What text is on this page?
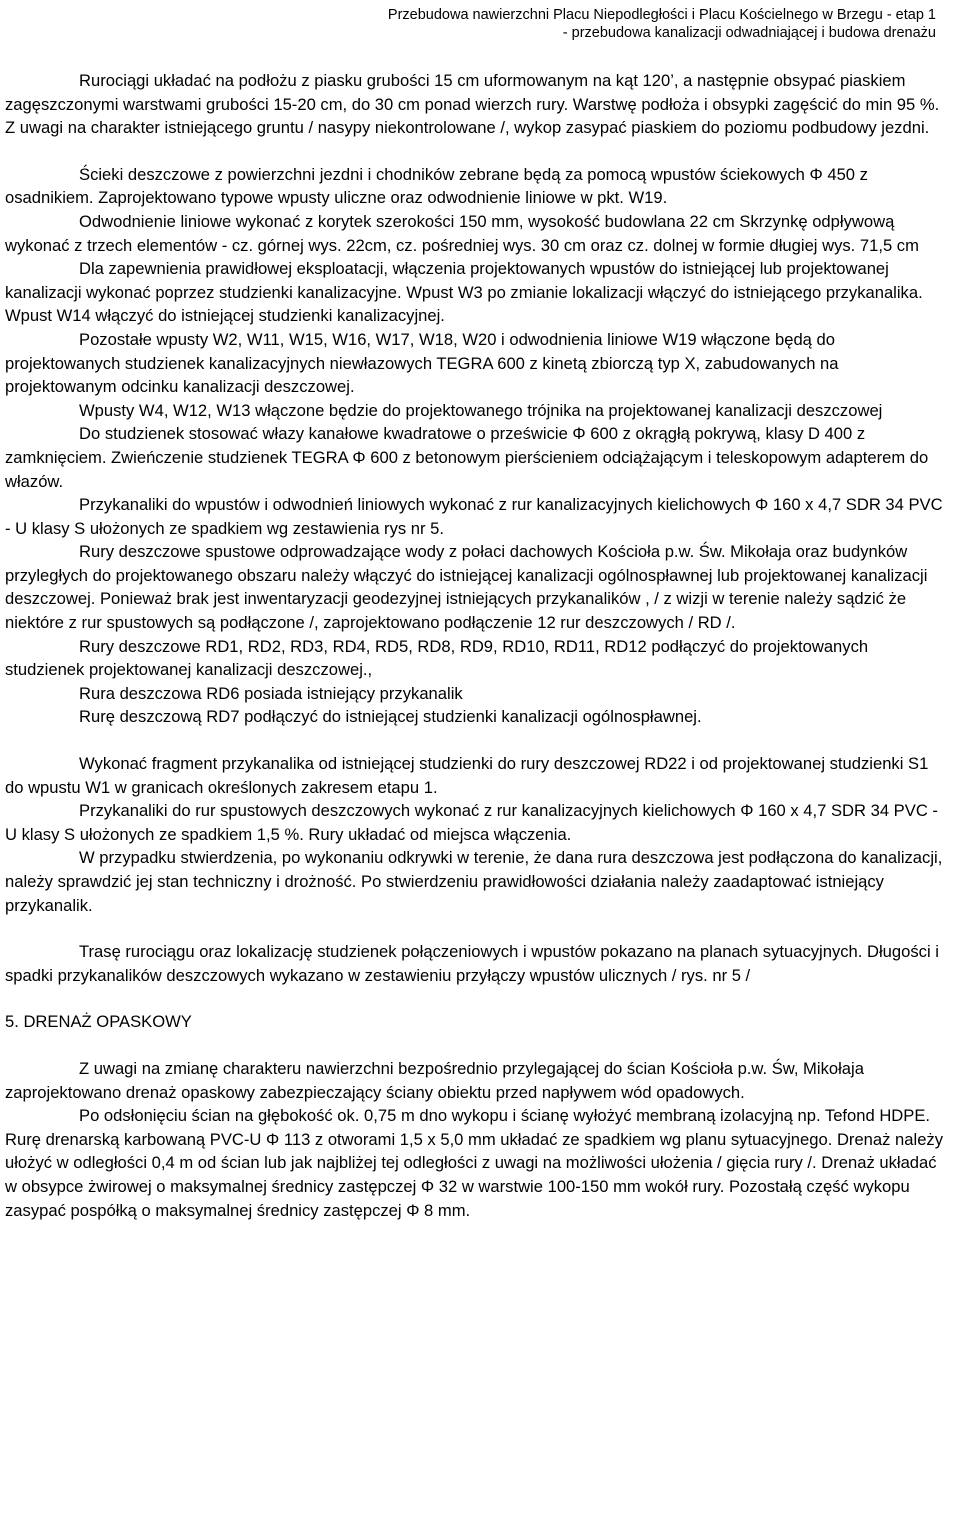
Przebudowa nawierzchni Placu Niepodległości i Placu Kościelnego w Brzegu - etap 1
- przebudowa kanalizacji odwadniającej i budowa drenażu

Rurociągi układać na podłożu z piasku grubości 15 cm uformowanym na kąt 120’, a następnie obsypać piaskiem zagęszczonymi warstwami grubości 15-20 cm, do 30 cm ponad wierzch rury. Warstwę podłoża i obsypki zagęścić do min 95 %.

Z uwagi na charakter istniejącego gruntu / nasypy niekontrolowane /, wykop zasypać piaskiem do poziomu podbudowy jezdni.

Ścieki deszczowe z powierzchni jezdni i chodników zebrane będą za pomocą wpustów ściekowych Φ 450 z osadnikiem. Zaprojektowano typowe wpusty uliczne oraz odwodnienie liniowe w pkt. W19.

Odwodnienie liniowe wykonać z korytek szerokości 150 mm, wysokość budowlana 22 cm Skrzynkę odpływową wykonać z trzech elementów - cz. górnej wys. 22cm, cz. pośredniej wys. 30 cm oraz cz. dolnej w formie długiej wys. 71,5 cm

Dla zapewnienia prawidłowej eksploatacji, włączenia projektowanych wpustów do istniejącej lub projektowanej kanalizacji wykonać poprzez studzienki kanalizacyjne. Wpust W3 po zmianie lokalizacji włączyć do istniejącego przykanalika. Wpust W14 włączyć do istniejącej studzienki kanalizacyjnej.

Pozostałe wpusty W2, W11, W15, W16, W17, W18, W20 i odwodnienia liniowe W19 włączone będą do projektowanych studzienek kanalizacyjnych niewłazowych TEGRA 600 z kinetą zbiorczą typ X, zabudowanych na projektowanym odcinku kanalizacji deszczowej.

Wpusty W4, W12, W13 włączone będzie do projektowanego trójnika na projektowanej kanalizacji deszczowej

Do studzienek stosować włazy kanałowe kwadratowe o prześwicie Φ 600 z okrągłą pokrywą, klasy D 400 z zamknięciem. Zwieńczenie studzienek TEGRA Φ 600 z betonowym pierścieniem odciążającym i teleskopowym adapterem do włazów.

Przykanaliki do wpustów i odwodnień liniowych wykonać z rur kanalizacyjnych kielichowych Φ 160 x 4,7 SDR 34 PVC - U klasy S ułożonych ze spadkiem wg zestawienia rys nr 5.

Rury deszczowe spustowe odprowadzające wody z połaci dachowych Kościoła p.w. Św. Mikołaja oraz budynków przyległych do projektowanego obszaru należy włączyć do istniejącej kanalizacji ogólnospławnej lub projektowanej kanalizacji deszczowej. Ponieważ brak jest inwentaryzacji geodezyjnej istniejących przykanalików , / z wizji w terenie należy sądzić że niektóre z rur spustowych są podłączone /, zaprojektowano podłączenie 12 rur deszczowych / RD /.

Rury deszczowe RD1, RD2, RD3, RD4, RD5, RD8, RD9, RD10, RD11, RD12 podłączyć do projektowanych studzienek projektowanej kanalizacji deszczowej.,

Rura deszczowa RD6 posiada istniejący przykanalik

Rurę deszczową RD7 podłączyć do istniejącej studzienki kanalizacji ogólnospławnej.

Wykonać fragment przykanalika od istniejącej studzienki do rury deszczowej RD22 i od projektowanej studzienki S1 do wpustu W1 w granicach określonych zakresem etapu 1.

Przykanaliki do rur spustowych deszczowych wykonać z rur kanalizacyjnych kielichowych Φ 160 x 4,7 SDR 34 PVC - U klasy S ułożonych ze spadkiem 1,5 %. Rury układać od miejsca włączenia.

W przypadku stwierdzenia, po wykonaniu odkrywki w terenie, że dana rura deszczowa jest podłączona do kanalizacji, należy sprawdzić jej stan techniczny i drożność. Po stwierdzeniu prawidłowości działania należy zaadaptować istniejący przykanalik.

Trasę rurociągu oraz lokalizację studzienek połączeniowych i wpustów pokazano na planach sytuacyjnych. Długości i spadki przykanalików deszczowych wykazano w zestawieniu przyłączy wpustów ulicznych / rys. nr 5 /

5. DRENAŻ OPASKOWY

Z uwagi na zmianę charakteru nawierzchni bezpośrednio przylegającej do ścian Kościoła p.w. Św, Mikołaja zaprojektowano drenaż opaskowy zabezpieczający ściany obiektu przed napływem wód opadowych.

Po odsłonięciu ścian na głębokość ok. 0,75 m dno wykopu i ścianę wyłożyć membraną izolacyjną np. Tefond HDPE. Rurę drenarską karbowaną PVC-U Φ 113 z otworami 1,5 x 5,0 mm układać ze spadkiem wg planu sytuacyjnego. Drenaż należy ułożyć w odległości 0,4 m od ścian lub jak najbliżej tej odległości z uwagi na możliwości ułożenia / gięcia rury /. Drenaż układać w obsypce żwirowej o maksymalnej średnicy zastępczej Φ 32 w warstwie 100-150 mm wokół rury. Pozostałą część wykopu zasypać pospółką o maksymalnej średnicy zastępczej Φ 8 mm.
